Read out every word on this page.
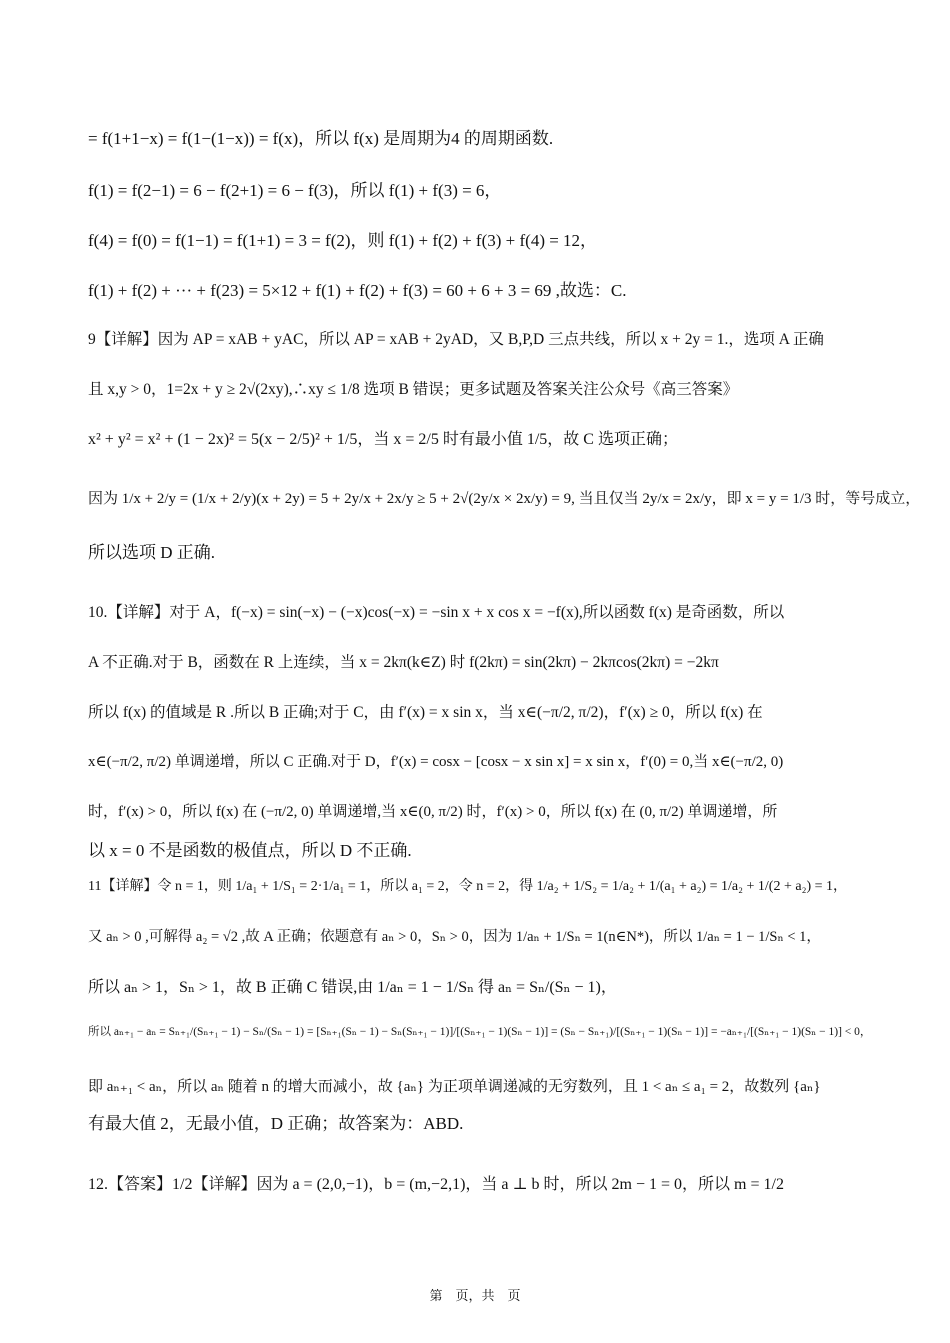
= f(1+1−x) = f(1−(1−x)) = f(x)，所以 f(x) 是周期为4 的周期函数.
f(1) = f(2−1) = 6 − f(2+1) = 6 − f(3)，所以 f(1) + f(3) = 6，
f(4) = f(0) = f(1−1) = f(1+1) = 3 = f(2)，则 f(1) + f(2) + f(3) + f(4) = 12，
f(1) + f(2) + ··· + f(23) = 5×12 + f(1) + f(2) + f(3) = 60 + 6 + 3 = 69 ,故选：C.
9【详解】因为 AP = xAB + yAC，所以 AP = xAB + 2yAD，又 B,P,D 三点共线，所以 x + 2y = 1.，选项 A 正确
且 x,y > 0，1=2x + y ≥ 2√(2xy),∴xy ≤ 1/8 选项 B 错误；更多试题及答案关注公众号《高三答案》
x² + y² = x² + (1 − 2x)² = 5(x − 2/5)² + 1/5，当 x = 2/5 时有最小值 1/5，故 C 选项正确；
因为 1/x + 2/y = (1/x + 2/y)(x + 2y) = 5 + 2y/x + 2x/y ≥ 5 + 2√(2y/x × 2x/y) = 9, 当且仅当 2y/x = 2x/y，即 x = y = 1/3 时，等号成立，
所以选项 D 正确.
10.【详解】对于 A，f(−x) = sin(−x) − (−x)cos(−x) = −sin x + x cos x = −f(x),所以函数 f(x) 是奇函数，所以
A 不正确.对于 B，函数在 R 上连续，当 x = 2kπ(k∈Z) 时 f(2kπ) = sin(2kπ) − 2kπcos(2kπ) = −2kπ
所以 f(x) 的值域是 R .所以 B 正确;对于 C，由 f′(x) = x sin x，当 x∈(−π/2, π/2)，f′(x) ≥ 0，所以 f(x) 在
x∈(−π/2, π/2) 单调递增，所以 C 正确.对于 D，f′(x) = cosx − [cosx − x sin x] = x sin x，f′(0) = 0,当 x∈(−π/2, 0)
时，f′(x) > 0，所以 f(x) 在 (−π/2, 0) 单调递增,当 x∈(0, π/2) 时，f′(x) > 0，所以 f(x) 在 (0, π/2) 单调递增，所
以 x = 0 不是函数的极值点，所以 D 不正确.
11【详解】令 n = 1，则 1/a₁ + 1/S₁ = 2·1/a₁ = 1，所以 a₁ = 2，令 n = 2，得 1/a₂ + 1/S₂ = 1/a₂ + 1/(a₁ + a₂) = 1/a₂ + 1/(2 + a₂) = 1，
又 aₙ > 0 ,可解得 a₂ = √2 ,故 A 正确；依题意有 aₙ > 0，Sₙ > 0，因为 1/aₙ + 1/Sₙ = 1(n∈N*)，所以 1/aₙ = 1 − 1/Sₙ < 1，
所以 aₙ > 1，Sₙ > 1，故 B 正确 C 错误,由 1/aₙ = 1 − 1/Sₙ 得 aₙ = Sₙ/(Sₙ − 1)，
所以 aₙ₊₁ − aₙ = Sₙ₊₁/(Sₙ₊₁ − 1) − Sₙ/(Sₙ − 1) = [Sₙ₊₁(Sₙ − 1) − Sₙ(Sₙ₊₁ − 1)]/[(Sₙ₊₁ − 1)(Sₙ − 1)] = (Sₙ − Sₙ₊₁)/[(Sₙ₊₁ − 1)(Sₙ − 1)] = −aₙ₊₁/[(Sₙ₊₁ − 1)(Sₙ − 1)] < 0，
即 aₙ₊₁ < aₙ，所以 aₙ 随着 n 的增大而减小，故 {aₙ} 为正项单调递减的无穷数列，且 1 < aₙ ≤ a₁ = 2，故数列 {aₙ}
有最大值 2，无最小值，D 正确；故答案为：ABD.
12.【答案】1/2【详解】因为 a = (2,0,−1)，b = (m,−2,1)，当 a ⊥ b 时，所以 2m − 1 = 0，所以 m = 1/2
第　页，共　页
